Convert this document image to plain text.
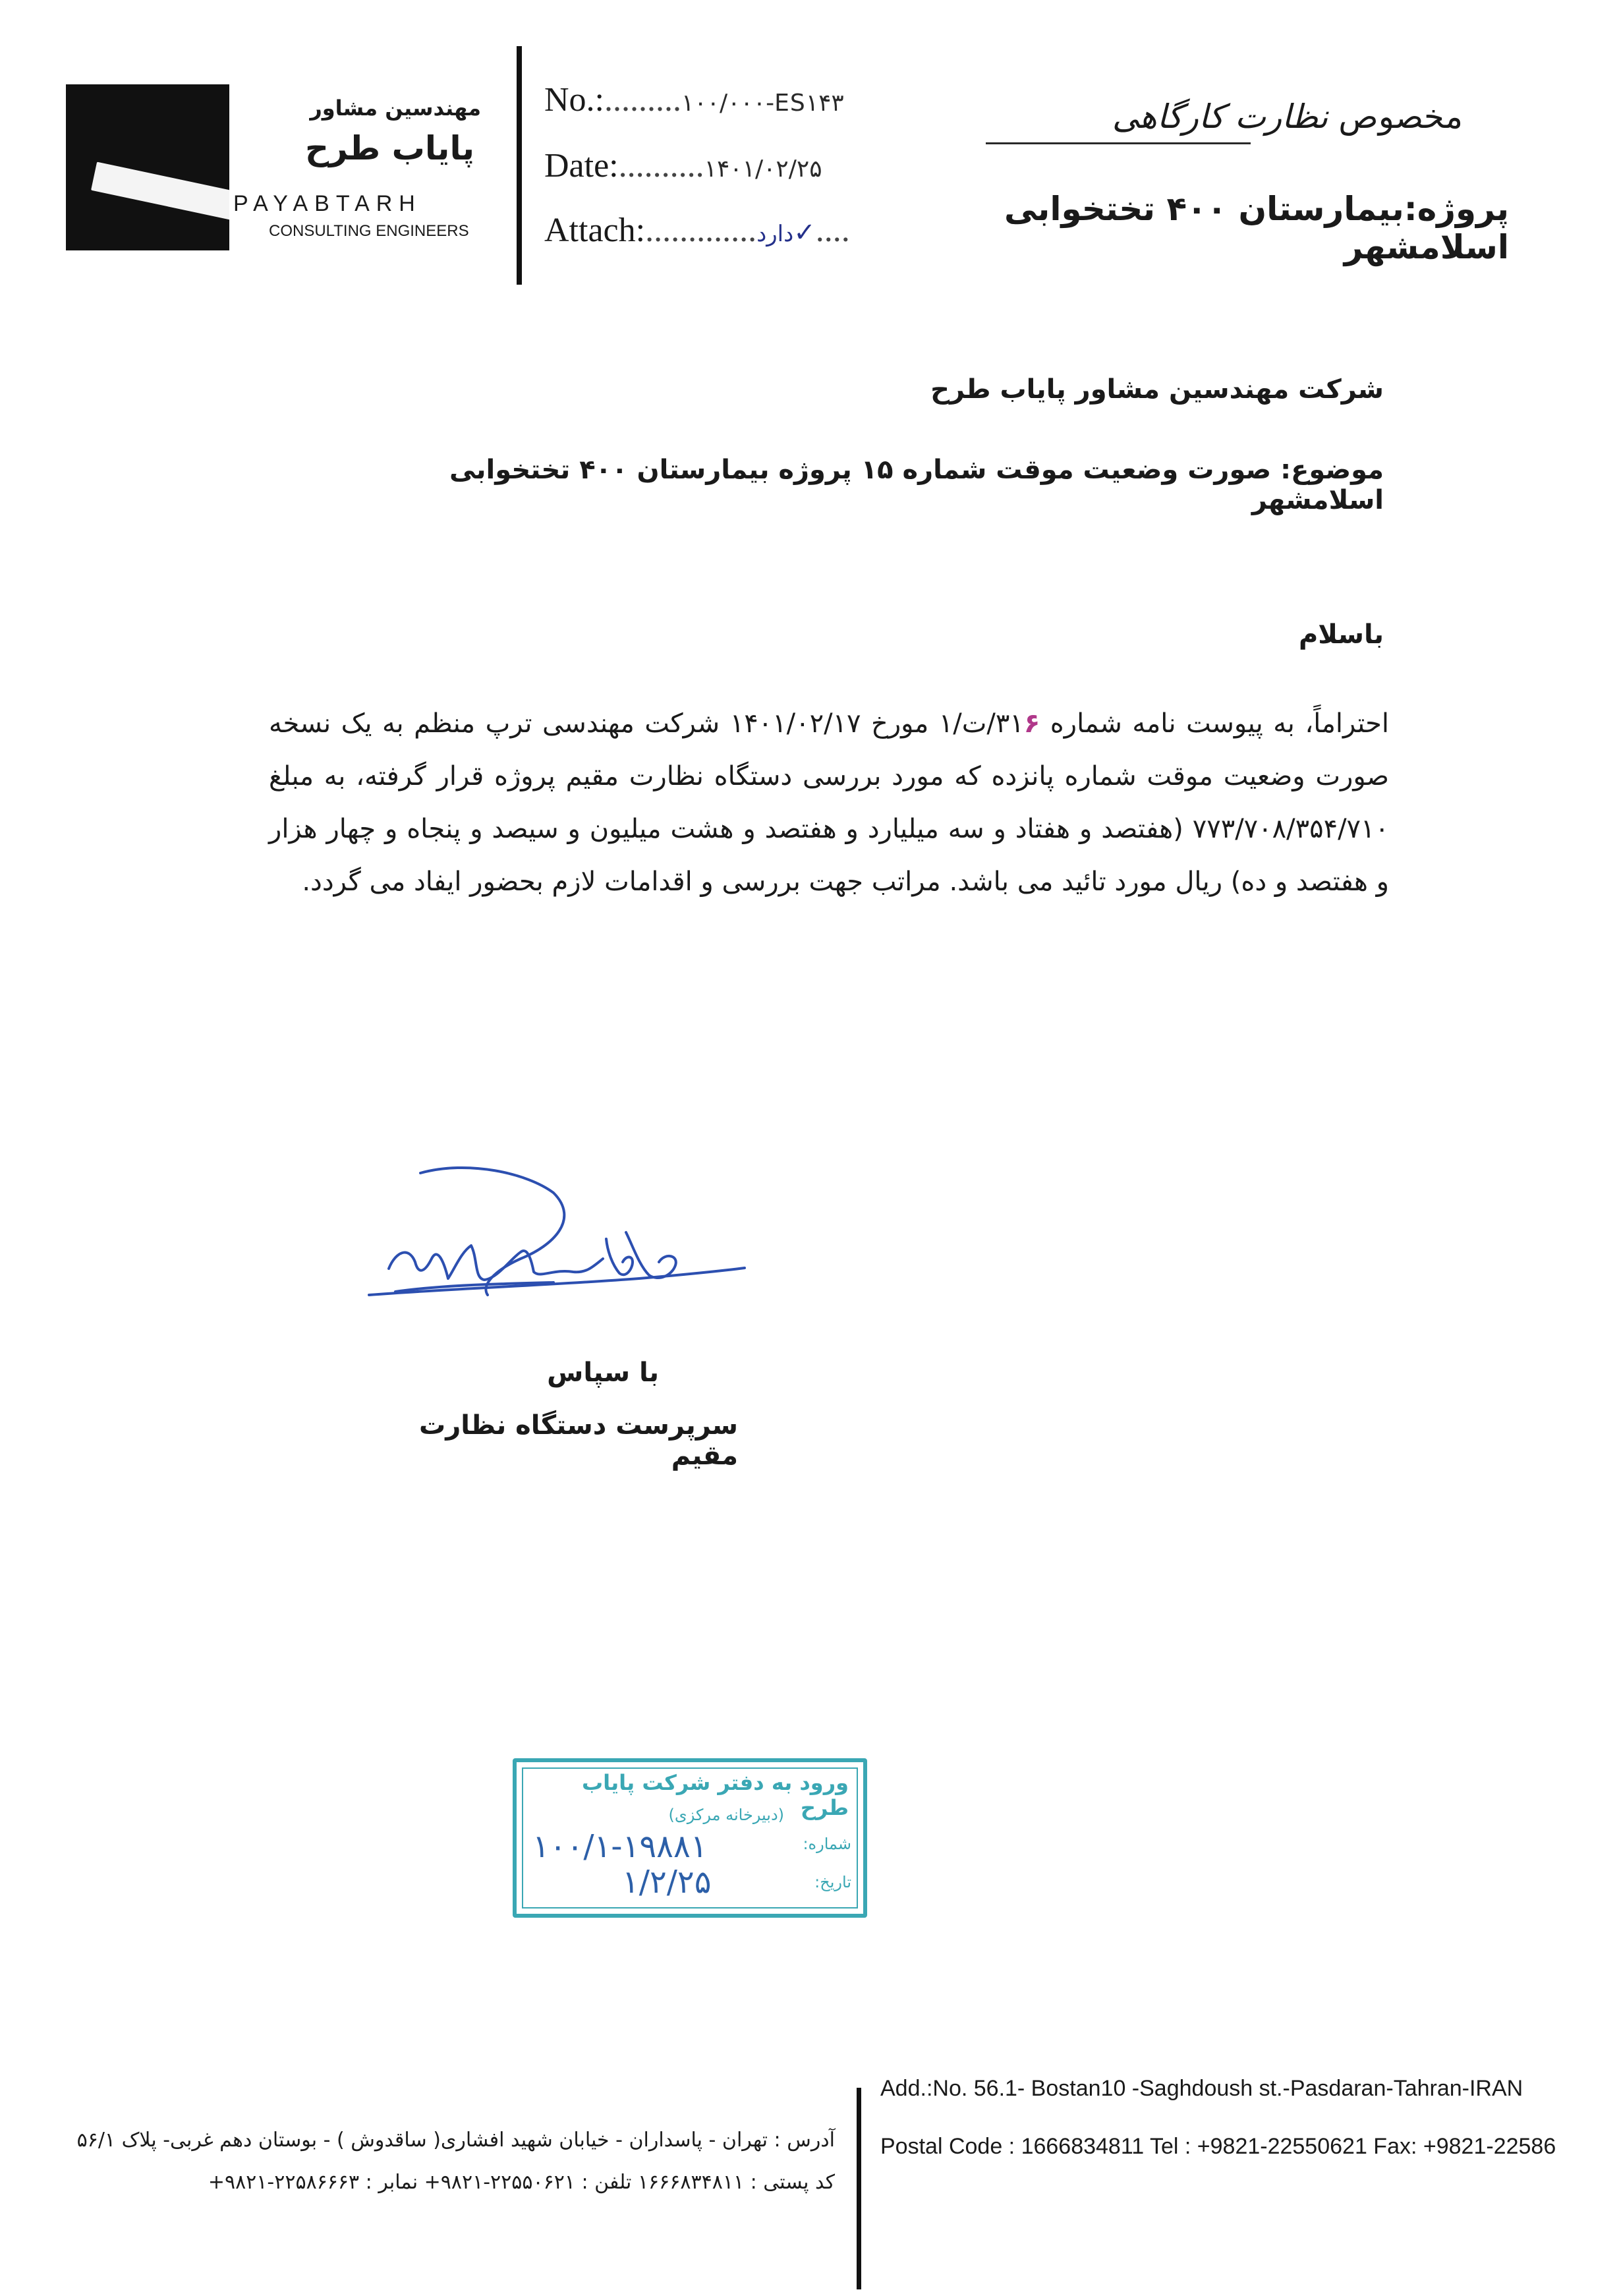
مهندسین مشاور
پایاب طرح
PAYABTARH
CONSULTING ENGINEERS
No.:.........۱۰۰/۰۰۰-ES۱۴۳
Date:..........۱۴۰۱/۰۲/۲۵
Attach:.............دارد✓....
مخصوص نظارت کارگاهی
پروژه:بیمارستان ۴۰۰ تختخوابی اسلامشهر
شرکت مهندسین مشاور پایاب طرح
موضوع: صورت وضعیت موقت شماره ۱۵ پروژه بیمارستان ۴۰۰ تختخوابی اسلامشهر
باسلام
احتراماً، به پیوست نامه شماره ۳۱۶/ت/۱ مورخ ۱۴۰۱/۰۲/۱۷ شرکت مهندسی ترپ منظم به یک نسخه صورت وضعیت موقت شماره پانزده که مورد بررسی دستگاه نظارت مقیم پروژه قرار گرفته، به مبلغ ۷۷۳/۷۰۸/۳۵۴/۷۱۰ (هفتصد و هفتاد و سه میلیارد و هفتصد و هشت میلیون و سیصد و پنجاه و چهار هزار و هفتصد و ده) ریال مورد تائید می باشد. مراتب جهت بررسی و اقدامات لازم بحضور ایفاد می گردد.
با سپاس
سرپرست دستگاه نظارت مقیم
ورود به دفتر شرکت پایاب طرح
(دبیرخانه مرکزی)
شماره:
۱۰۰/۱-۱۹۸۸۱
تاریخ:
۱/۲/۲۵
آدرس : تهران - پاسداران - خیابان شهید افشاری( ساقدوش ) - بوستان دهم غربی- پلاک ۵۶/۱
کد پستی : ۱۶۶۶۸۳۴۸۱۱ تلفن : ۲۲۵۵۰۶۲۱-۹۸۲۱+ نمابر : ۲۲۵۸۶۶۶۳-۹۸۲۱+
Add.:No. 56.1- Bostan10 -Saghdoush st.-Pasdaran-Tahran-IRAN
Postal Code : 1666834811 Tel : +9821-22550621 Fax: +9821-22586
